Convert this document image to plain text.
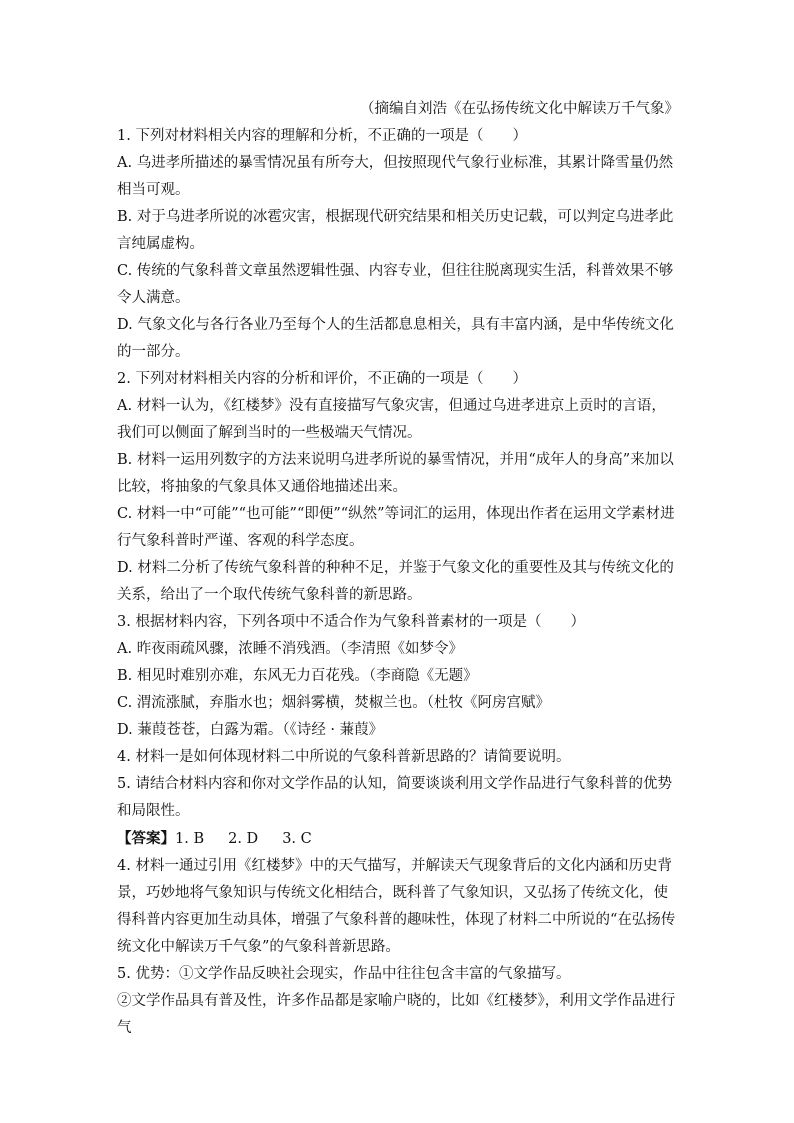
（摘编自刘浩《在弘扬传统文化中解读万千气象》

1. 下列对材料相关内容的理解和分析，不正确的一项是（　　）

A. 乌进孝所描述的暴雪情况虽有所夸大，但按照现代气象行业标准，其累计降雪量仍然相当可观。

B. 对于乌进孝所说的冰雹灾害，根据现代研究结果和相关历史记载，可以判定乌进孝此言纯属虚构。

C. 传统的气象科普文章虽然逻辑性强、内容专业，但往往脱离现实生活，科普效果不够令人满意。

D. 气象文化与各行各业乃至每个人的生活都息息相关，具有丰富内涵，是中华传统文化的一部分。

2. 下列对材料相关内容的分析和评价，不正确的一项是（　　）

A. 材料一认为，《红楼梦》没有直接描写气象灾害，但通过乌进孝进京上贡时的言语，我们可以侧面了解到当时的一些极端天气情况。

B. 材料一运用列数字的方法来说明乌进孝所说的暴雪情况，并用“成年人的身高”来加以比较，将抽象的气象具体又通俗地描述出来。

C. 材料一中“可能”“也可能”“即便”“纵然”等词汇的运用，体现出作者在运用文学素材进行气象科普时严谨、客观的科学态度。

D. 材料二分析了传统气象科普的种种不足，并鉴于气象文化的重要性及其与传统文化的关系，给出了一个取代传统气象科普的新思路。

3. 根据材料内容，下列各项中不适合作为气象科普素材的一项是（　　）

A. 昨夜雨疏风骤，浓睡不消残酒。（李清照《如梦令》

B. 相见时难别亦难，东风无力百花残。（李商隐《无题》

C. 渭流涨腻，弃脂水也；烟斜雾横，焚椒兰也。（杜牧《阿房宫赋》

D. 蒹葭苍苍，白露为霜。（《诗经 · 蒹葭》

4. 材料一是如何体现材料二中所说的气象科普新思路的？请简要说明。

5. 请结合材料内容和你对文学作品的认知，简要谈谈利用文学作品进行气象科普的优势和局限性。

【答案】1. B 2. D 3. C

4. 材料一通过引用《红楼梦》中的天气描写，并解读天气现象背后的文化内涵和历史背景，巧妙地将气象知识与传统文化相结合，既科普了气象知识，又弘扬了传统文化，使得科普内容更加生动具体，增强了气象科普的趣味性，体现了材料二中所说的“在弘扬传统文化中解读万千气象”的气象科普新思路。

5. 优势：①文学作品反映社会现实，作品中往往包含丰富的气象描写。

②文学作品具有普及性，许多作品都是家喻户晓的，比如《红楼梦》，利用文学作品进行气
